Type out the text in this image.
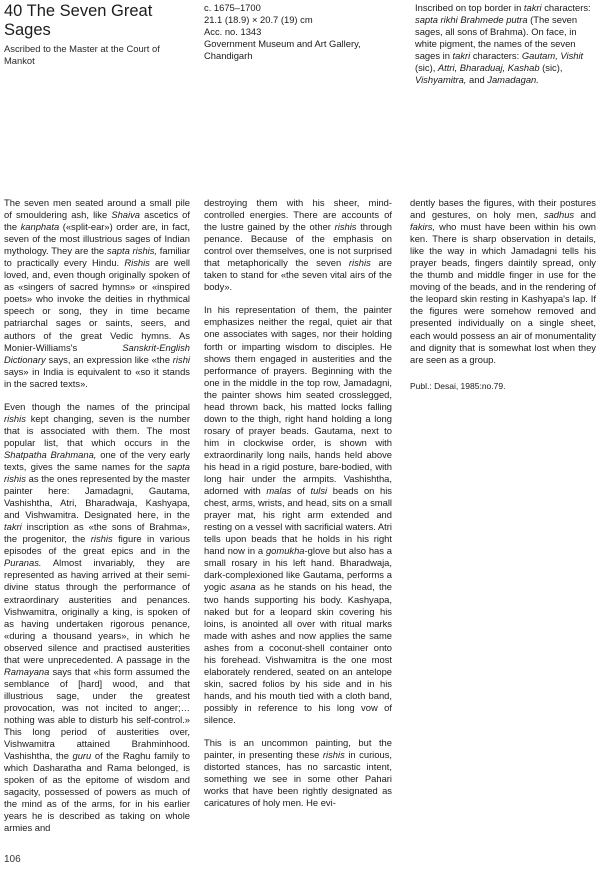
40 The Seven Great Sages
Ascribed to the Master at the Court of Mankot
c. 1675–1700
21.1 (18.9) × 20.7 (19) cm
Acc. no. 1343
Government Museum and Art Gallery,
Chandigarh
Inscribed on top border in takri characters: sapta rikhi Brahmede putra (The seven sages, all sons of Brahma). On face, in white pigment, the names of the seven sages in takri characters: Gautam, Vishit (sic), Attri, Bharaduaj, Kashab (sic), Vishyamitra, and Jamadagan.

The seven men seated around a small pile of smouldering ash, like Shaiva ascetics of the kanphata («split-ear») order are, in fact, seven of the most illustrious sages of Indian mythology. They are the sapta rishis, familiar to practically every Hindu. Rishis are well loved, and, even though originally spoken of as «singers of sacred hymns» or «inspired poets» who invoke the deities in rhythmical speech or song, they in time became patriarchal sages or saints, seers, and authors of the great Vedic hymns. As Monier-Williams's Sanskrit-English Dictionary says, an expression like «the rishi says» in India is equivalent to «so it stands in the sacred texts».

Even though the names of the principal rishis kept changing, seven is the number that is associated with them. The most popular list, that which occurs in the Shatpatha Brahmana, one of the very early texts, gives the same names for the sapta rishis as the ones represented by the master painter here: Jamadagni, Gautama, Vashishtha, Atri, Bharadwaja, Kashyapa, and Vishwamitra. Designated here, in the takri inscription as «the sons of Brahma», the progenitor, the rishis figure in various episodes of the great epics and in the Puranas. Almost invariably, they are represented as having arrived at their semi-divine status through the performance of extraordinary austerities and penances. Vishwamitra, originally a king, is spoken of as having undertaken rigorous penance, «during a thousand years», in which he observed silence and practised austerities that were unprecedented. A passage in the Ramayana says that «his form assumed the semblance of [hard] wood, and that illustrious sage, under the greatest provocation, was not incited to anger;… nothing was able to disturb his self-control.» This long period of austerities over, Vishwamitra attained Brahminhood. Vashishtha, the guru of the Raghu family to which Dasharatha and Rama belonged, is spoken of as the epitome of wisdom and sagacity, possessed of powers as much of the mind as of the arms, for in his earlier years he is described as taking on whole armies and

destroying them with his sheer, mind-controlled energies. There are accounts of the lustre gained by the other rishis through penance. Because of the emphasis on control over themselves, one is not surprised that metaphorically the seven rishis are taken to stand for «the seven vital airs of the body».

In his representation of them, the painter emphasizes neither the regal, quiet air that one associates with sages, nor their holding forth or imparting wisdom to disciples. He shows them engaged in austerities and the performance of prayers. Beginning with the one in the middle in the top row, Jamadagni, the painter shows him seated crosslegged, head thrown back, his matted locks falling down to the thigh, right hand holding a long rosary of prayer beads. Gautama, next to him in clockwise order, is shown with extraordinarily long nails, hands held above his head in a rigid posture, bare-bodied, with long hair under the armpits. Vashishtha, adorned with malas of tulsi beads on his chest, arms, wrists, and head, sits on a small prayer mat, his right arm extended and resting on a vessel with sacrificial waters. Atri tells upon beads that he holds in his right hand now in a gomukha-glove but also has a small rosary in his left hand. Bharadwaja, dark-complexioned like Gautama, performs a yogic asana as he stands on his head, the two hands supporting his body. Kashyapa, naked but for a leopard skin covering his loins, is anointed all over with ritual marks made with ashes and now applies the same ashes from a coconut-shell container onto his forehead. Vishwamitra is the one most elaborately rendered, seated on an antelope skin, sacred folios by his side and in his hands, and his mouth tied with a cloth band, possibly in reference to his long vow of silence.

This is an uncommon painting, but the painter, in presenting these rishis in curious, distorted stances, has no sarcastic intent, something we see in some other Pahari works that have been rightly designated as caricatures of holy men. He evi-

dently bases the figures, with their postures and gestures, on holy men, sadhus and fakirs, who must have been within his own ken. There is sharp observation in details, like the way in which Jamadagni tells his prayer beads, fingers daintily spread, only the thumb and middle finger in use for the moving of the beads, and in the rendering of the leopard skin resting in Kashyapa's lap. If the figures were somehow removed and presented individually on a single sheet, each would possess an air of monumentality and dignity that is somewhat lost when they are seen as a group.

Publ.: Desai, 1985:no.79.

106
